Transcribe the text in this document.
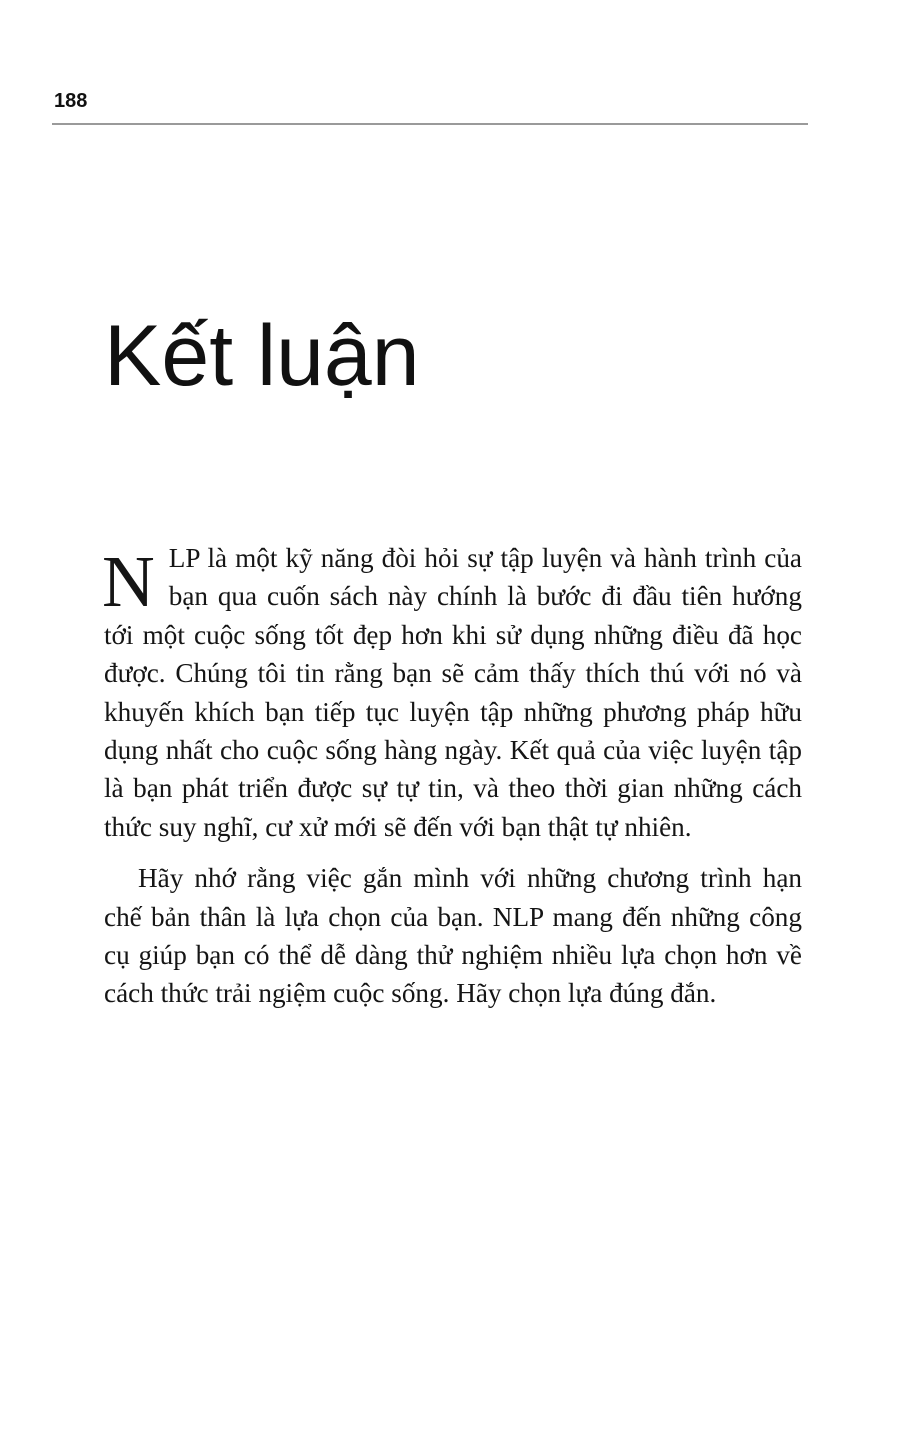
188
Kết luận

NLP là một kỹ năng đòi hỏi sự tập luyện và hành trình của bạn qua cuốn sách này chính là bước đi đầu tiên hướng tới một cuộc sống tốt đẹp hơn khi sử dụng những điều đã học được. Chúng tôi tin rằng bạn sẽ cảm thấy thích thú với nó và khuyến khích bạn tiếp tục luyện tập những phương pháp hữu dụng nhất cho cuộc sống hàng ngày. Kết quả của việc luyện tập là bạn phát triển được sự tự tin, và theo thời gian những cách thức suy nghĩ, cư xử mới sẽ đến với bạn thật tự nhiên.

Hãy nhớ rằng việc gắn mình với những chương trình hạn chế bản thân là lựa chọn của bạn. NLP mang đến những công cụ giúp bạn có thể dễ dàng thử nghiệm nhiều lựa chọn hơn về cách thức trải ngiệm cuộc sống. Hãy chọn lựa đúng đắn.
